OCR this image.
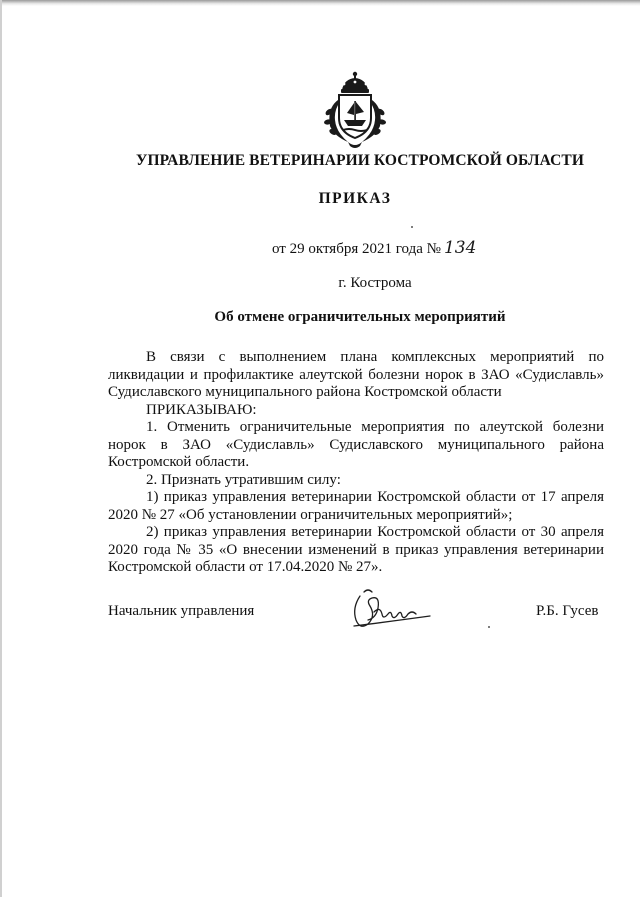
УПРАВЛЕНИЕ ВЕТЕРИНАРИИ КОСТРОМСКОЙ ОБЛАСТИ
ПРИКАЗ
от 29 октября 2021 года № 134
г. Кострома
Об отмене ограничительных мероприятий

В связи с выполнением плана комплексных мероприятий по ликвидации и профилактике алеутской болезни норок в ЗАО «Судиславль» Судиславского муниципального района Костромской области

ПРИКАЗЫВАЮ:

1. Отменить ограничительные мероприятия по алеутской болезни норок в ЗАО «Судиславль» Судиславского муниципального района Костромской области.

2. Признать утратившим силу:

1) приказ управления ветеринарии Костромской области от 17 апреля 2020 № 27 «Об установлении ограничительных мероприятий»;

2) приказ управления ветеринарии Костромской области от 30 апреля 2020 года № 35 «О внесении изменений в приказ управления ветеринарии Костромской области от 17.04.2020 № 27».

Начальник управления	Р.Б. Гусев
